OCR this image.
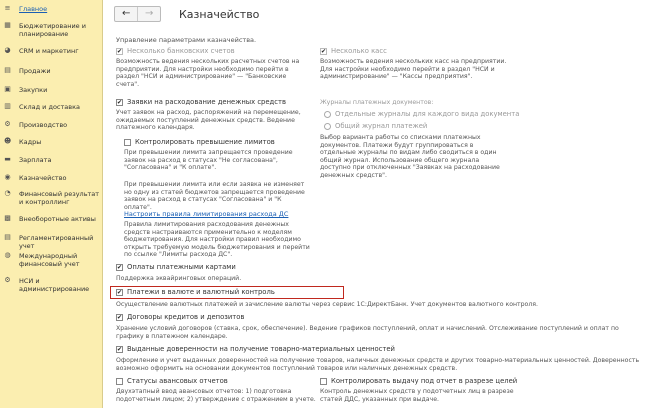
≡ Главное
▦ Бюджетирование и планирование
◕ CRM и маркетинг
▤ Продажи
▣ Закупки
▥ Склад и доставка
⚙ Производство
☻ Кадры
▬ Зарплата
◉ Казначейство
◔ Финансовый результат и контроллинг
▩ Внеоборотные активы
▤ Регламентированный учет
◍ Международный финансовый учет
⚙ НСИ и администрирование
←	→	Казначейство
Управление параметрами казначейства.
✔
Несколько банковских счетов
Возможность ведения нескольких расчетных счетов на предприятии. Для настройки необходимо перейти в раздел "НСИ и администрирование" — "Банковские счета".
✔
Заявки на расходование денежных средств
Учет заявок на расход, распоряжений на перемещение, ожидаемых поступлений денежных средств. Ведение платежного календаря.
Контролировать превышение лимитов
При превышении лимита запрещается проведение заявок на расход в статусах "Не согласована", "Согласована" и "К оплате".
При превышении лимита или если заявка не изменяет но одну из статей бюджетов запрещается проведение заявок на расход в статусах "Согласована" и "К оплате".
Настроить правила лимитирования расхода ДС
Правила лимитирования расходования денежных средств настраиваются применительно к моделям бюджетирования. Для настройки правил необходимо открыть требуемую модель бюджетирования и перейти по ссылке "Лимиты расхода ДС".
✔
Оплаты платежными картами
Поддержка эквайринговых операций.
✔
Платежи в валюте и валютный контроль
Осуществление валютных платежей и зачисление валюты через сервис 1С:ДиректБанк. Учет документов валютного контроля.
✔
Договоры кредитов и депозитов
Хранение условий договоров (ставка, срок, обеспечение). Ведение графиков поступлений, оплат и начислений. Отслеживание поступлений и оплат по графику в платежном календаре.
✔
Выданные доверенности на получение товарно-материальных ценностей
Оформление и учет выданных доверенностей на получение товаров, наличных денежных средств и других товарно-материальных ценностей. Доверенность возможно оформить на основании документов поступлений товаров или наличных денежных средств.
Статусы авансовых отчетов
Двухэтапный ввод авансовых отчетов: 1) подготовка подотчетным лицом; 2) утверждение с отражением в учете.
✔
Несколько касс
Возможность ведения нескольких касс на предприятии. Для настройки необходимо перейти в раздел "НСИ и администрирование" — "Кассы предприятия".
Журналы платежных документов:
Отдельные журналы для каждого вида документа
Общий журнал платежей
Выбор варианта работы со списками платежных документов. Платежи будут группироваться в отдельные журналы по видам либо сводиться в один общий журнал. Использование общего журнала доступно при отключенных "Заявках на расходование денежных средств".
Контролировать выдачу под отчет в разрезе целей
Контроль денежных средств у подотчетных лиц в разрезе статей ДДС, указанных при выдаче.
